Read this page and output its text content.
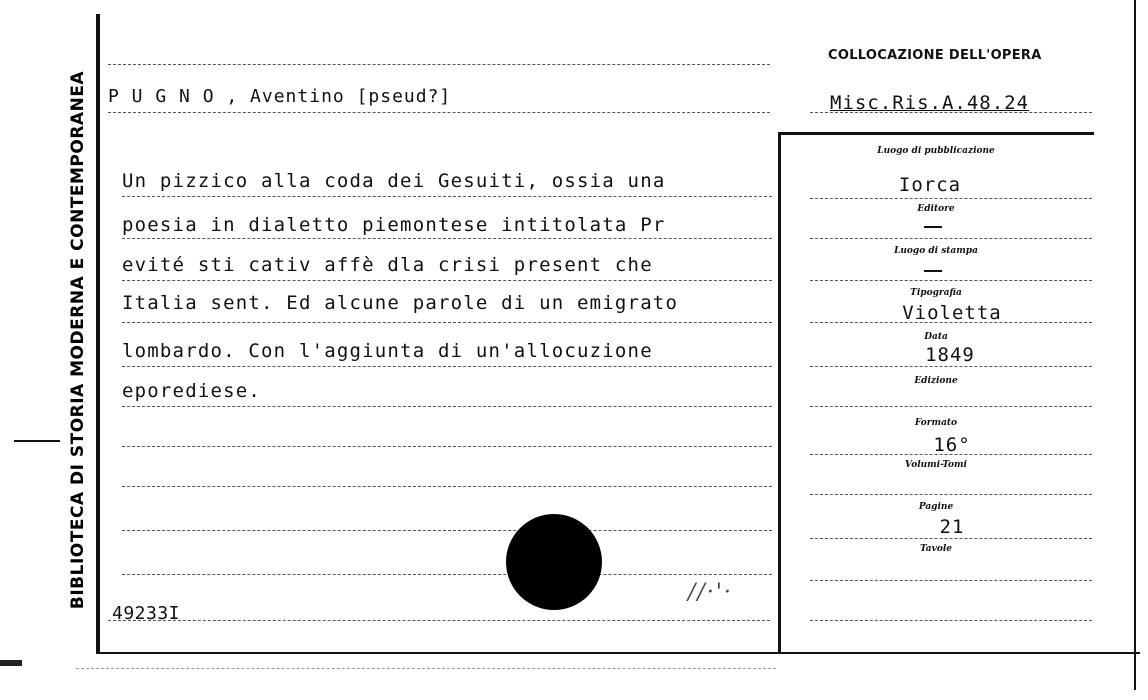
BIBLIOTECA DI STORIA MODERNA E CONTEMPORANEA P U G N O , Aventino [pseud?]
COLLOCAZIONE DELL'OPERA
Misc.Ris.A.48.24
Un pizzico alla coda dei Gesuiti, ossia una
poesia in dialetto piemontese intitolata Pr
evité sti cativ affè dla crisi present che
Italia sent. Ed alcune parole di un emigrato
lombardo. Con l'aggiunta di un'allocuzione
eporediese.
Luogo di pubblicazione
Iorca
Editore
Luogo di stampa
Tipografia
Violetta
Data
1849
Edizione
Formato
16°
Volumi-Tomi
Pagine
21
Tavole
//·'·
49233I
